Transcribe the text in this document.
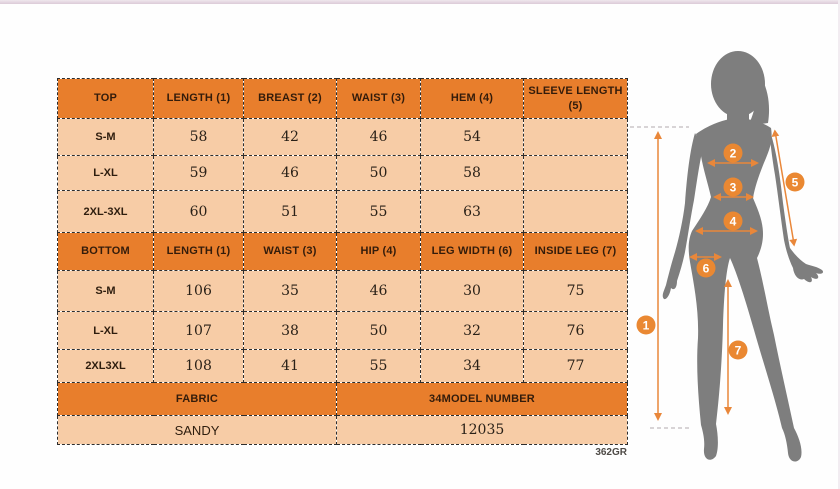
TOP	LENGTH (1)	BREAST (2)	WAIST (3)	HEM (4)	SLEEVE LENGTH (5)
S-M	58	42	46	54	
L-XL	59	46	50	58	
2XL-3XL	60	51	55	63	
BOTTOM	LENGTH (1)	WAIST (3)	HIP (4)	LEG WIDTH (6)	INSIDE LEG (7)
S-M	106	35	46	30	75
L-XL	107	38	50	32	76
2XL3XL	108	41	55	34	77
FABRIC			34MODEL NUMBER		
SANDY			12035		
362GR
1
2
3
4
5
6
7
